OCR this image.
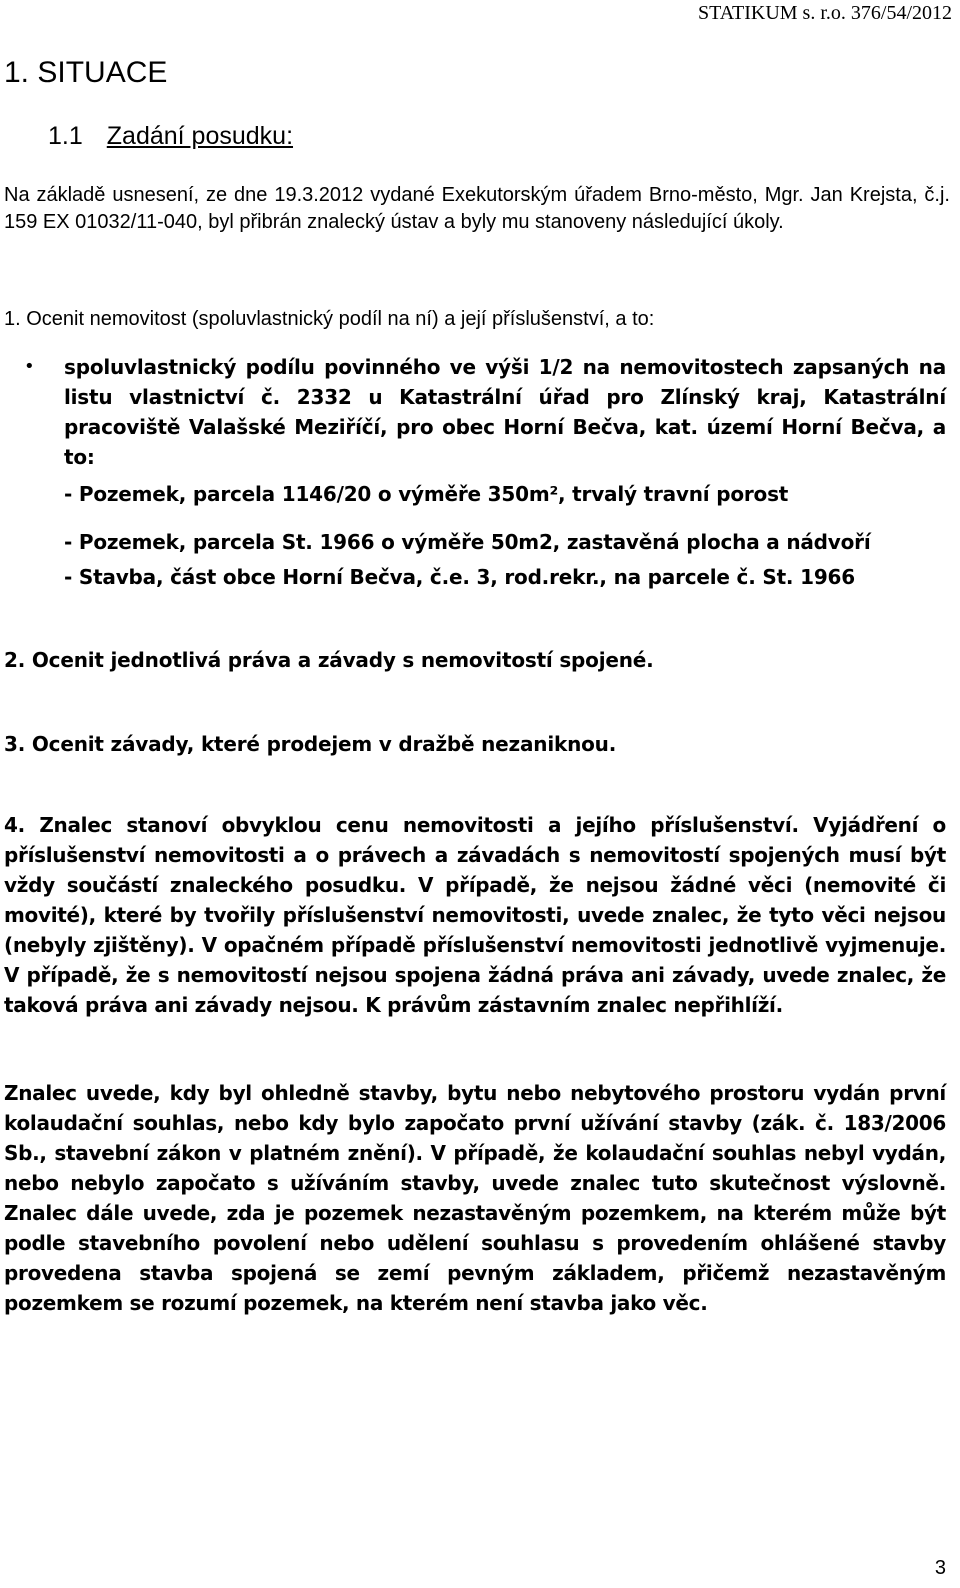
STATIKUM s. r.o. 376/54/2012
1. SITUACE
1.1 Zadání posudku:
Na základě usnesení, ze dne 19.3.2012 vydané Exekutorským úřadem Brno-město, Mgr. Jan Krejsta, č.j. 159 EX 01032/11-040, byl přibrán znalecký ústav a byly mu stanoveny následující úkoly.
1. Ocenit nemovitost (spoluvlastnický podíl na ní) a její příslušenství, a to:
• spoluvlastnický podílu povinného ve výši 1/2 na nemovitostech zapsaných na listu vlastnictví č. 2332 u Katastrální úřad pro Zlínský kraj, Katastrální pracoviště Valašské Meziříčí, pro obec Horní Bečva, kat. území Horní Bečva, a to:
- Pozemek, parcela 1146/20 o výměře 350m², trvalý travní porost
- Pozemek, parcela St. 1966 o výměře 50m2, zastavěná plocha a nádvoří
- Stavba, část obce Horní Bečva, č.e. 3, rod.rekr., na parcele č. St. 1966
2. Ocenit jednotlivá práva a závady s nemovitostí spojené.
3. Ocenit závady, které prodejem v dražbě nezaniknou.
4. Znalec stanoví obvyklou cenu nemovitosti a jejího příslušenství. Vyjádření o příslušenství nemovitosti a o právech a závadách s nemovitostí spojených musí být vždy součástí znaleckého posudku. V případě, že nejsou žádné věci (nemovité či movité), které by tvořily příslušenství nemovitosti, uvede znalec, že tyto věci nejsou (nebyly zjištěny). V opačném případě příslušenství nemovitosti jednotlivě vyjmenuje. V případě, že s nemovitostí nejsou spojena žádná práva ani závady, uvede znalec, že taková práva ani závady nejsou. K právům zástavním znalec nepřihlíží.
Znalec uvede, kdy byl ohledně stavby, bytu nebo nebytového prostoru vydán první kolaudační souhlas, nebo kdy bylo započato první užívání stavby (zák. č. 183/2006 Sb., stavební zákon v platném znění). V případě, že kolaudační souhlas nebyl vydán, nebo nebylo započato s užíváním stavby, uvede znalec tuto skutečnost výslovně. Znalec dále uvede, zda je pozemek nezastavěným pozemkem, na kterém může být podle stavebního povolení nebo udělení souhlasu s provedením ohlášené stavby provedena stavba spojená se zemí pevným základem, přičemž nezastavěným pozemkem se rozumí pozemek, na kterém není stavba jako věc.
3
